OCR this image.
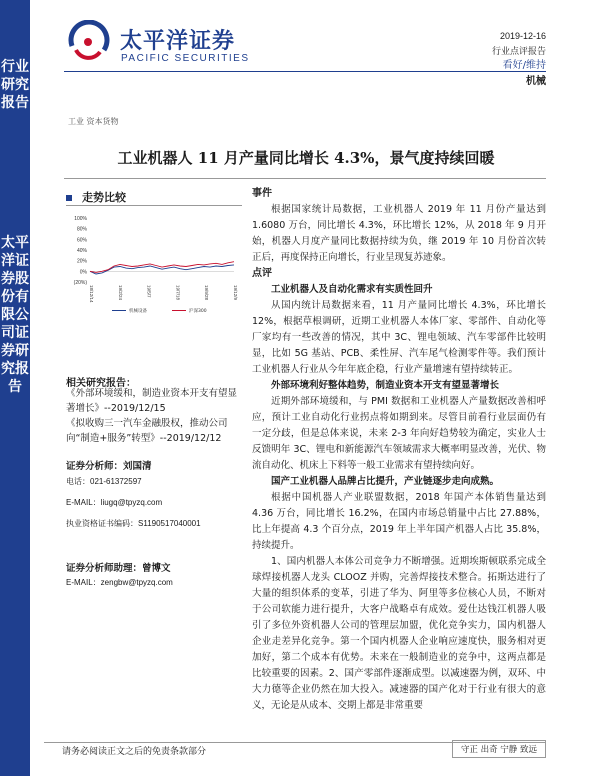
行业研究报告
太平洋证券股份有限公司证券研究报告
太平洋证券
PACIFIC SECURITIES
2019-12-16
行业点评报告
看好/维持
机械
工业 资本货物
工业机器人 11 月产量同比增长 4.3%，景气度持续回暖
走势比较
100%
80%
60%
40%
20%
0%
(20%)
18/12/14	19/2/24	19/5/7	19/7/18	19/9/28	19/12/9
机械设备	沪深300
相关研究报告：
《外部环境缓和，制造业资本开支有望显著增长》--2019/12/15
《拟收购三一汽车金融股权，推动公司向“制造+服务”转型》--2019/12/12
证券分析师：刘国清
电话：021-61372597
E-MAIL：liugq@tpyzq.com
执业资格证书编码：S1190517040001
证券分析师助理：曾博文
E-MAIL：zengbw@tpyzq.com
事件
根据国家统计局数据，工业机器人 2019 年 11 月份产量达到 1.6080 万台，同比增长 4.3%，环比增长 12%，从 2018 年 9 月开始，机器人月度产量同比数据持续为负，继 2019 年 10 月份首次转正后，再度保持正向增长，行业呈现复苏迹象。
点评
工业机器人及自动化需求有实质性回升
从国内统计局数据来看，11 月产量同比增长 4.3%，环比增长 12%，根据草根调研，近期工业机器人本体厂家、零部件、自动化等厂家均有一些改善的情况，其中 3C、锂电领域、汽车零部件比较明显，比如 5G 基站、PCB、柔性屏、汽车尾气检测零件等。我们预计工业机器人行业从今年年底企稳，行业产量增速有望持续转正。
外部环境利好整体趋势，制造业资本开支有望显著增长
近期外部环境缓和，与 PMI 数据和工业机器人产量数据改善相呼应，预计工业自动化行业拐点将如期到来。尽管目前看行业层面仍有一定分歧，但是总体来说，未来 2-3 年向好趋势较为确定，实业人士反馈明年 3C、锂电和新能源汽车领域需求大概率明显改善，光伏、物流自动化、机床上下料等一般工业需求有望持续向好。
国产工业机器人品牌占比提升，产业链逐步走向成熟。
根据中国机器人产业联盟数据，2018 年国产本体销售量达到 4.36 万台，同比增长 16.2%，在国内市场总销量中占比 27.88%，比上年提高 4.3 个百分点，2019 年上半年国产机器人占比 35.8%，持续提升。
1、国内机器人本体公司竞争力不断增强。近期埃斯顿联系完成全球焊接机器人龙头 CLOOZ 并购，完善焊接技术整合。拓斯达进行了大量的组织体系的变革，引进了华为、阿里等多位核心人员，不断对于公司软能力进行提升，大客户战略卓有成效。爱仕达钱江机器人吸引了多位外资机器人公司的管理层加盟，优化竞争实力，国内机器人企业走差异化竞争。第一个国内机器人企业响应速度快，服务相对更加好，第二个成本有优势。未来在一般制造业的竞争中，这两点都是比较重要的因素。2、国产零部件逐渐成型。以减速器为例，双环、中大力德等企业仍然在加大投入。减速器的国产化对于行业有很大的意义，无论是从成本、交期上都是非常重要
请务必阅读正文之后的免责条款部分	守正 出奇 宁静 致远
